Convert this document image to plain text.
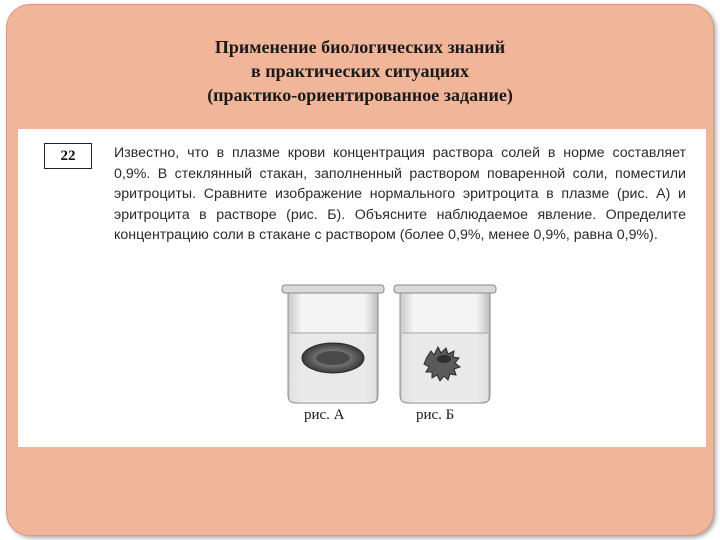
Применение биологических знаний
в практических ситуациях
(практико-ориентированное задание)
22	Известно, что в плазме крови концентрация раствора солей в норме составляет 0,9%. В стеклянный стакан, заполненный раствором поваренной соли, поместили эритроциты. Сравните изображение нормального эритроцита в плазме (рис. А) и эритроцита в растворе (рис. Б). Объясните наблюдаемое явление. Определите концентрацию соли в стакане с раствором (более 0,9%, менее 0,9%, равна 0,9%).
рис. А	рис. Б
